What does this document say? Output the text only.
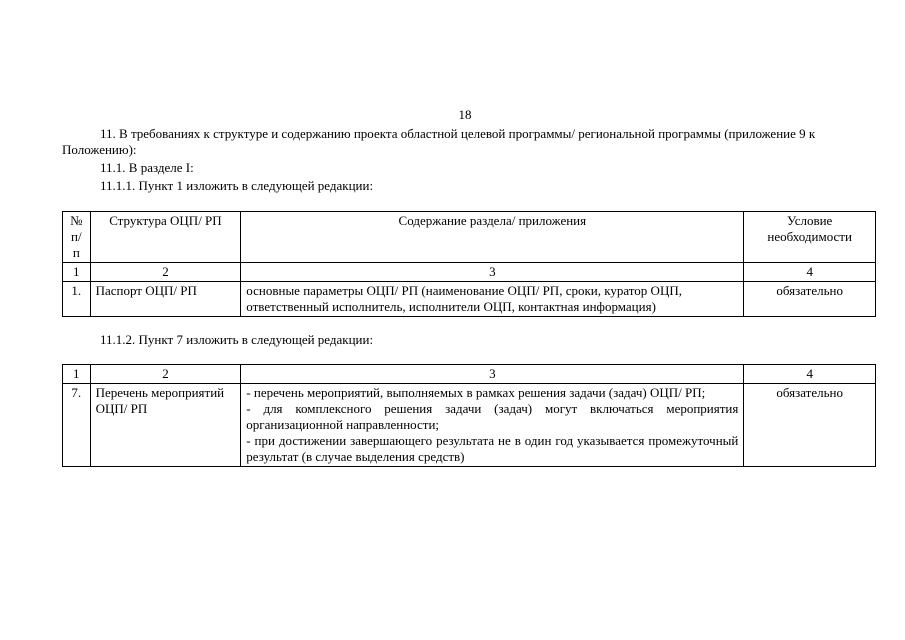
18
11. В требованиях к структуре и содержанию проекта областной целевой программы/ региональной программы (приложение 9 к Положению):
11.1. В разделе I:
11.1.1. Пункт 1 изложить в следующей редакции:
№ п/п	Структура ОЦП/ РП	Содержание раздела/ приложения	Условие необходимости
1	2	3	4
1.	Паспорт ОЦП/ РП	основные параметры ОЦП/ РП (наименование ОЦП/ РП, сроки, куратор ОЦП, ответственный исполнитель, исполнители ОЦП, контактная информация)	обязательно
11.1.2. Пункт 7 изложить в следующей редакции:
1	2	3	4
7.	Перечень мероприятий ОЦП/ РП	- перечень мероприятий, выполняемых в рамках решения задачи (задач) ОЦП/ РП;
- для комплексного решения задачи (задач) могут включаться мероприятия организационной направленности;
- при достижении завершающего результата не в один год указывается промежуточный результат (в случае выделения средств)	обязательно
